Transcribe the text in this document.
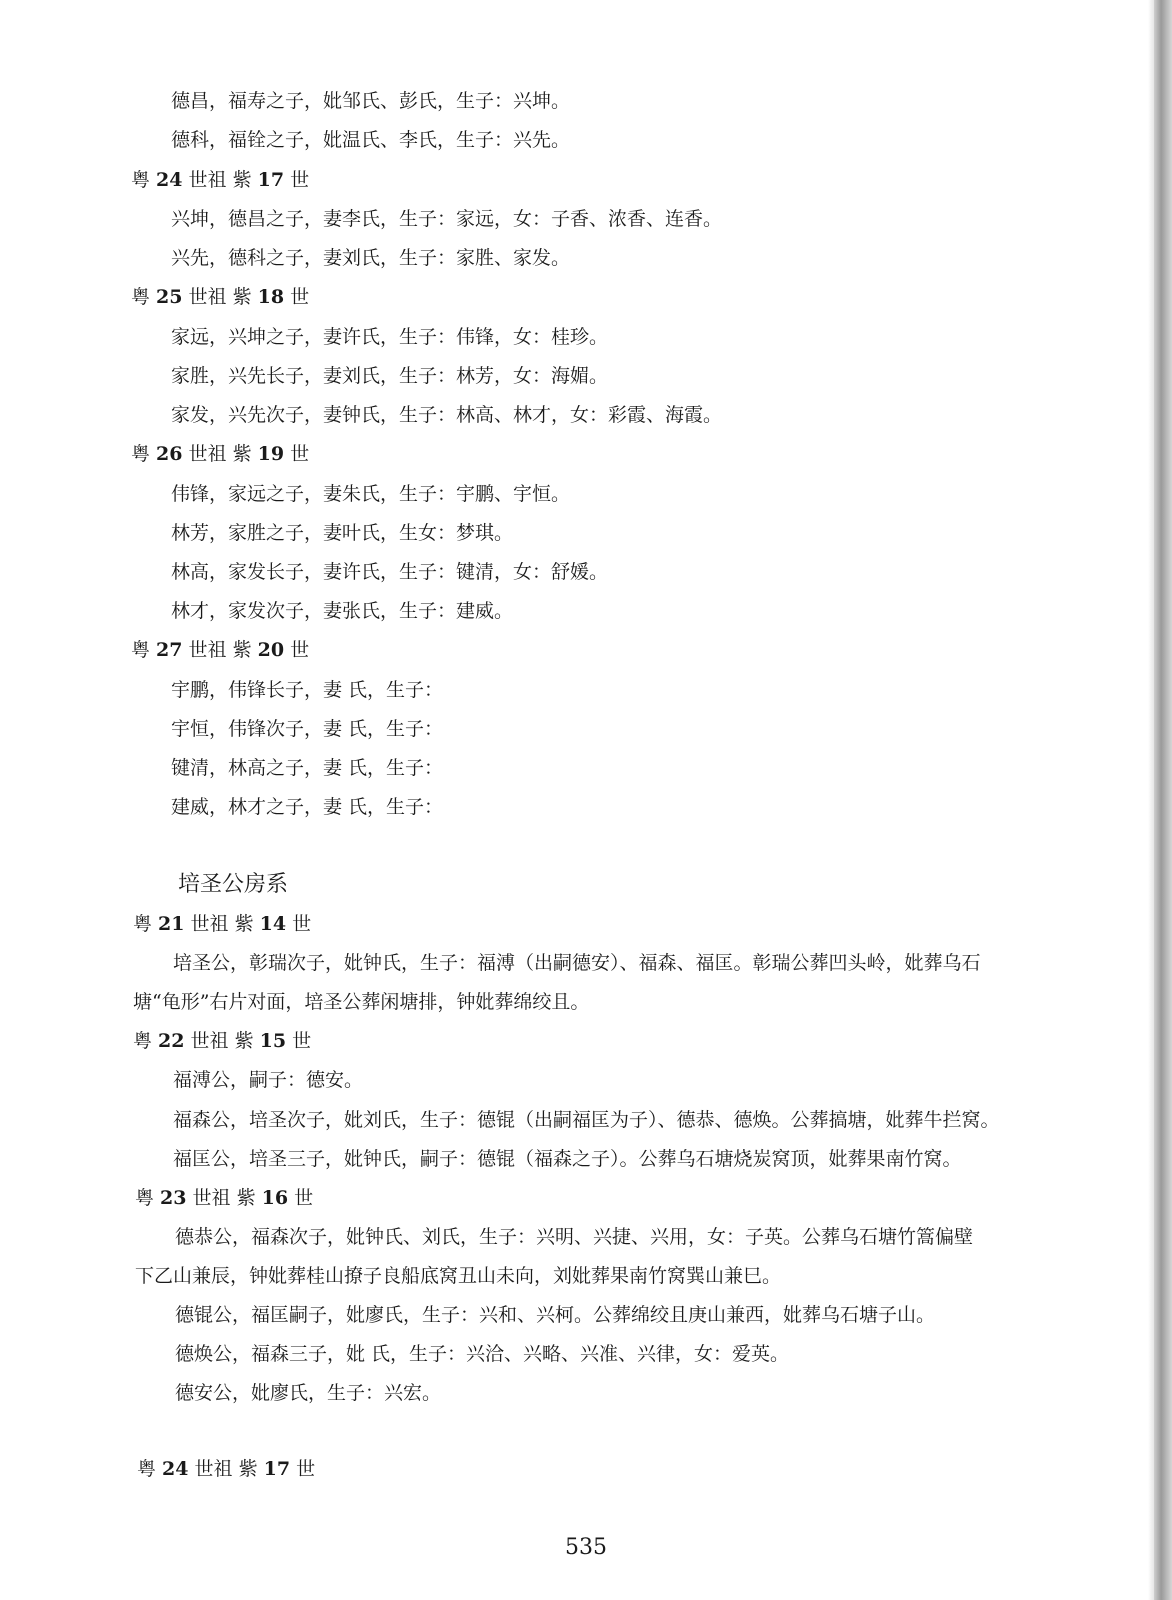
德昌，福寿之子，妣邹氏、彭氏，生子：兴坤。
德科，福铨之子，妣温氏、李氏，生子：兴先。
粤 24 世祖 紫 17 世
兴坤，德昌之子，妻李氏，生子：家远，女：子香、浓香、连香。
兴先，德科之子，妻刘氏，生子：家胜、家发。
粤 25 世祖 紫 18 世
家远，兴坤之子，妻许氏，生子：伟锋，女：桂珍。
家胜，兴先长子，妻刘氏，生子：林芳，女：海媚。
家发，兴先次子，妻钟氏，生子：林高、林才，女：彩霞、海霞。
粤 26 世祖 紫 19 世
伟锋，家远之子，妻朱氏，生子：宇鹏、宇恒。
林芳，家胜之子，妻叶氏，生女：梦琪。
林高，家发长子，妻许氏，生子：键清，女：舒媛。
林才，家发次子，妻张氏，生子：建威。
粤 27 世祖 紫 20 世
宇鹏，伟锋长子，妻 氏，生子：
宇恒，伟锋次子，妻 氏，生子：
键清，林高之子，妻 氏，生子：
建威，林才之子，妻 氏，生子：
培圣公房系
粤 21 世祖 紫 14 世
培圣公，彰瑞次子，妣钟氏，生子：福溥（出嗣德安）、福森、福匡。彰瑞公葬凹头岭，妣葬乌石
塘“龟形”右片对面，培圣公葬闲塘排，钟妣葬绵绞且。
粤 22 世祖 紫 15 世
福溥公，嗣子：德安。
福森公，培圣次子，妣刘氏，生子：德锟（出嗣福匡为子）、德恭、德焕。公葬搞塘，妣葬牛拦窝。
福匡公，培圣三子，妣钟氏，嗣子：德锟（福森之子）。公葬乌石塘烧炭窝顶，妣葬果南竹窝。
粤 23 世祖 紫 16 世
德恭公，福森次子，妣钟氏、刘氏，生子：兴明、兴捷、兴用，女：子英。公葬乌石塘竹篙偏壁
下乙山兼辰，钟妣葬桂山撩子良船底窝丑山未向，刘妣葬果南竹窝巽山兼巳。
德锟公，福匡嗣子，妣廖氏，生子：兴和、兴柯。公葬绵绞且庚山兼西，妣葬乌石塘子山。
德焕公，福森三子，妣 氏，生子：兴洽、兴略、兴准、兴律，女：爱英。
德安公，妣廖氏，生子：兴宏。
粤 24 世祖 紫 17 世
535
